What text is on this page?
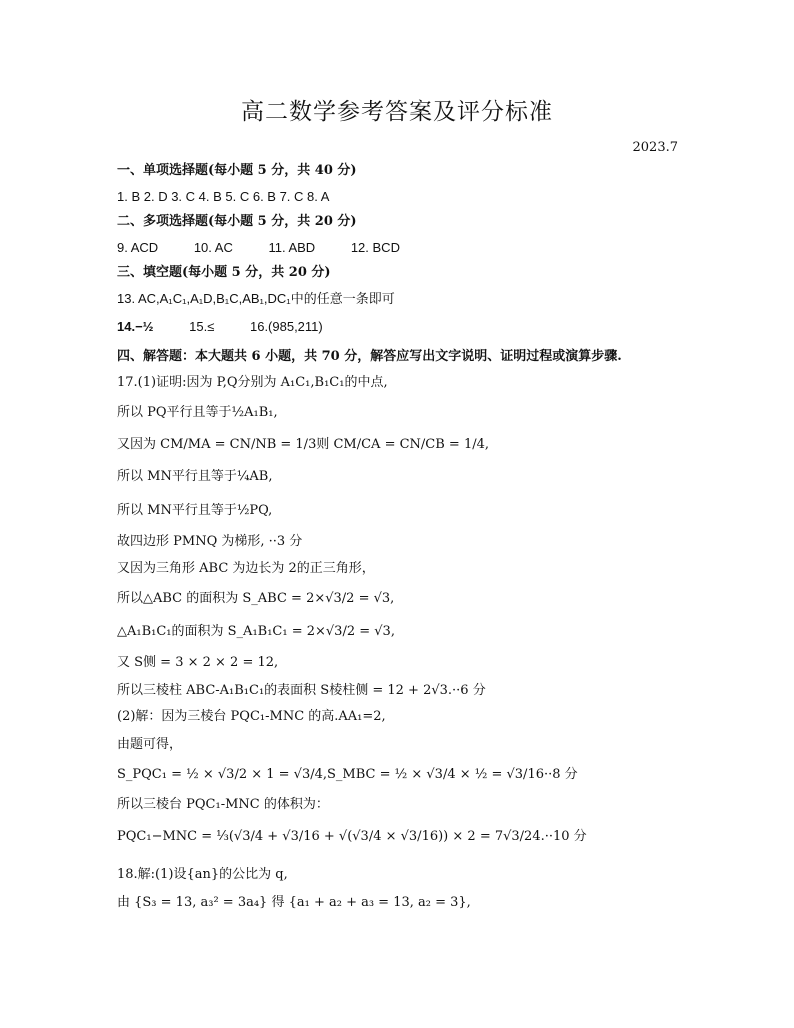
高二数学参考答案及评分标准
2023.7
一、单项选择题(每小题 5 分，共 40 分)
1. B 2. D 3. C 4. B 5. C 6. B 7. C 8. A
二、多项选择题(每小题 5 分，共 20 分)
9. ACD	10. AC	11. ABD	12. BCD
三、填空题(每小题 5 分，共 20 分)
13. AC,A₁C₁,A₁D,B₁C,AB₁,DC₁中的任意一条即可
14.−½	15.≤	16.(985,211)
四、解答题：本大题共 6 小题，共 70 分，解答应写出文字说明、证明过程或演算步骤.
17.(1)证明:因为 P,Q分别为 A₁C₁,B₁C₁的中点,
所以 PQ平行且等于½A₁B₁,
又因为 CM/MA = CN/NB = 1/3则 CM/CA = CN/CB = 1/4,
所以 MN平行且等于¼AB,
所以 MN平行且等于½PQ,
故四边形 PMNQ 为梯形, ··3 分
又因为三角形 ABC 为边长为 2的正三角形，
所以△ABC 的面积为 S_ABC = 2×√3/2 = √3,
△A₁B₁C₁的面积为 S_A₁B₁C₁ = 2×√3/2 = √3,
又 S侧 = 3 × 2 × 2 = 12,
所以三棱柱 ABC-A₁B₁C₁的表面积 S棱柱侧 = 12 + 2√3.··6 分
(2)解：因为三棱台 PQC₁-MNC 的高.AA₁=2,
由题可得，
S_PQC₁ = ½ × √3/2 × 1 = √3/4,S_MBC = ½ × √3/4 × ½ = √3/16··8 分
所以三棱台 PQC₁-MNC 的体积为：
PQC₁−MNC = ⅓(√3/4 + √3/16 + √(√3/4 × √3/16)) × 2 = 7√3/24.··10 分
18.解:(1)设{an}的公比为 q,
由 {S₃ = 13, a₃² = 3a₄} 得 {a₁ + a₂ + a₃ = 13, a₂ = 3},
